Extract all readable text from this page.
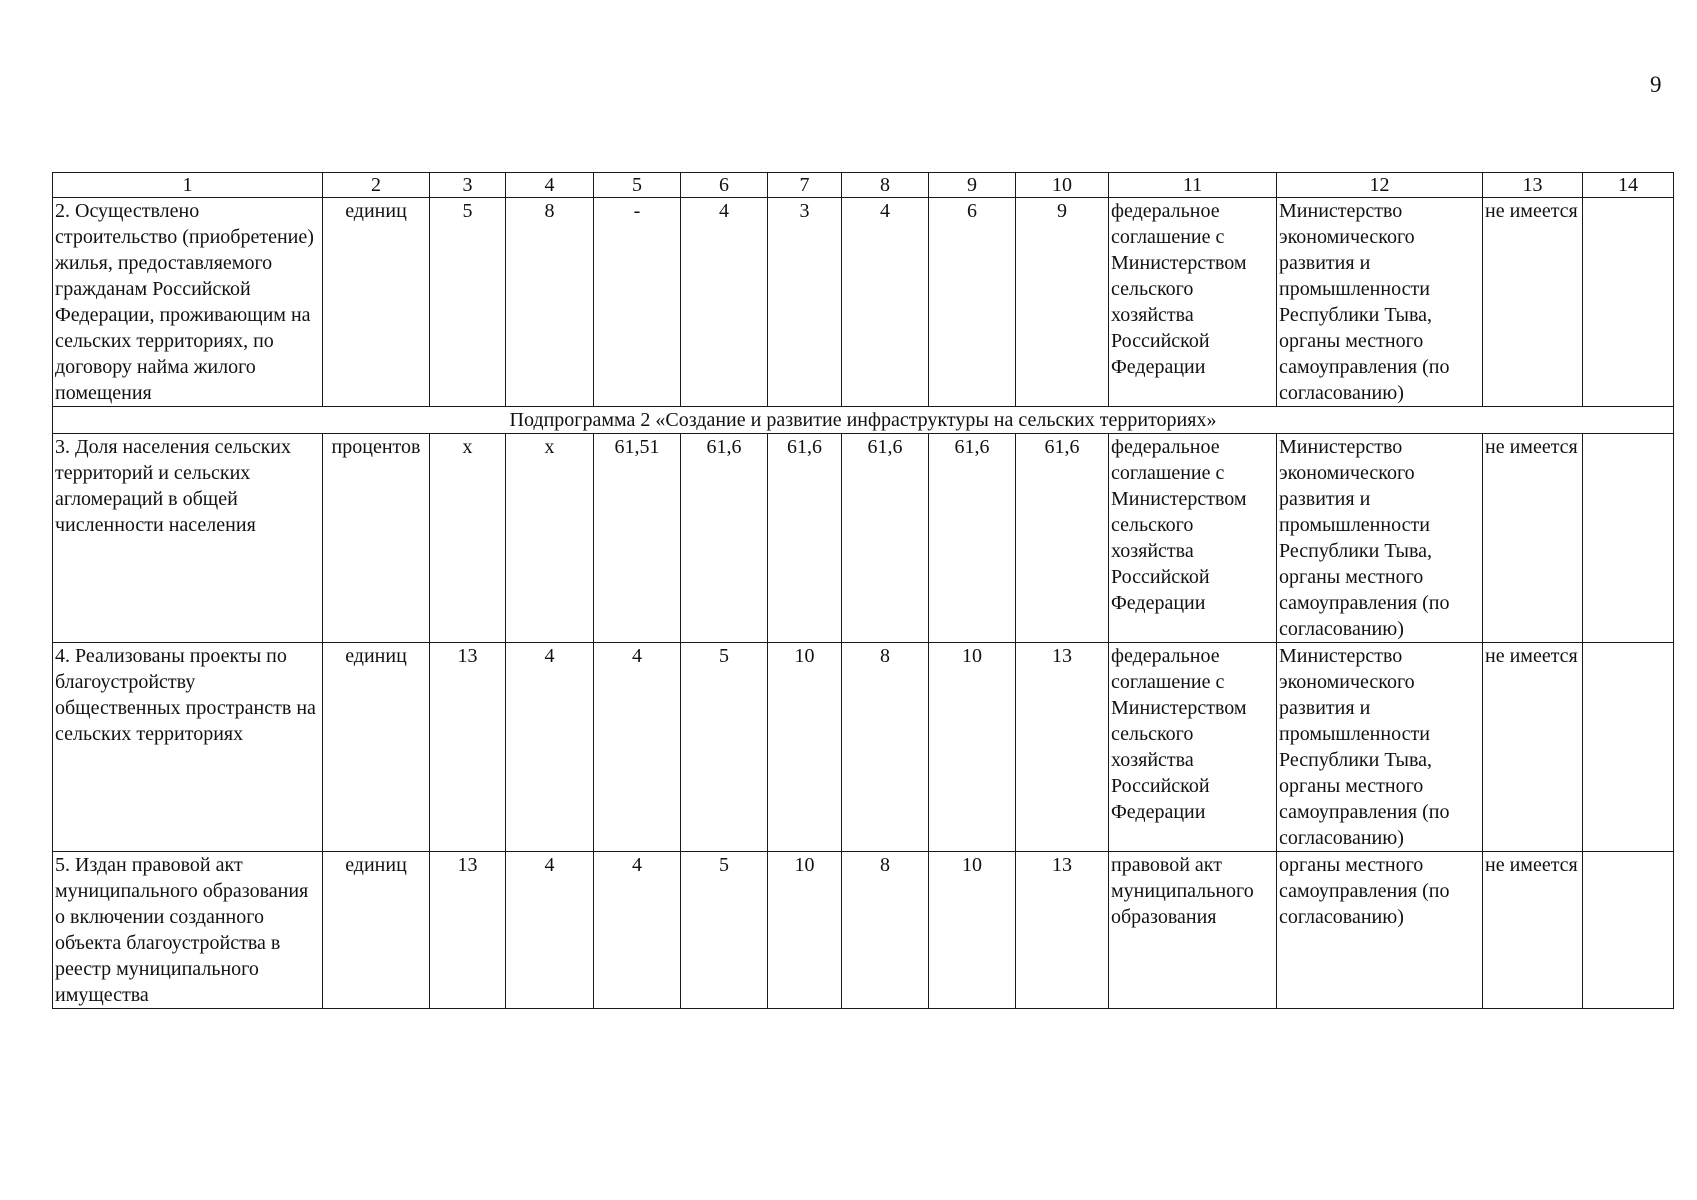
9
1	2	3	4	5	6	7	8	9	10	11	12	13	14
2. Осуществлено строительство (приобретение) жилья, предоставляемого гражданам Российской Федерации, проживающим на сельских территориях, по договору найма жилого помещения	единиц	5	8	-	4	3	4	6	9	федеральное соглашение с Министерством сельского хозяйства Российской Федерации	Министерство экономического развития и промышленности Республики Тыва, органы местного самоуправления (по согласованию)	не имеется	
Подпрограмма 2 «Создание и развитие инфраструктуры на сельских территориях»													
3. Доля населения сельских территорий и сельских агломераций в общей численности населения	процентов	х	х	61,51	61,6	61,6	61,6	61,6	61,6	федеральное соглашение с Министерством сельского хозяйства Российской Федерации	Министерство экономического развития и промышленности Республики Тыва, органы местного самоуправления (по согласованию)	не имеется	
4. Реализованы проекты по благоустройству общественных пространств на сельских территориях	единиц	13	4	4	5	10	8	10	13	федеральное соглашение с Министерством сельского хозяйства Российской Федерации	Министерство экономического развития и промышленности Республики Тыва, органы местного самоуправления (по согласованию)	не имеется	
5. Издан правовой акт муниципального образования о включении созданного объекта благоустройства в реестр муниципального имущества	единиц	13	4	4	5	10	8	10	13	правовой акт муниципального образования	органы местного самоуправления (по согласованию)	не имеется	
